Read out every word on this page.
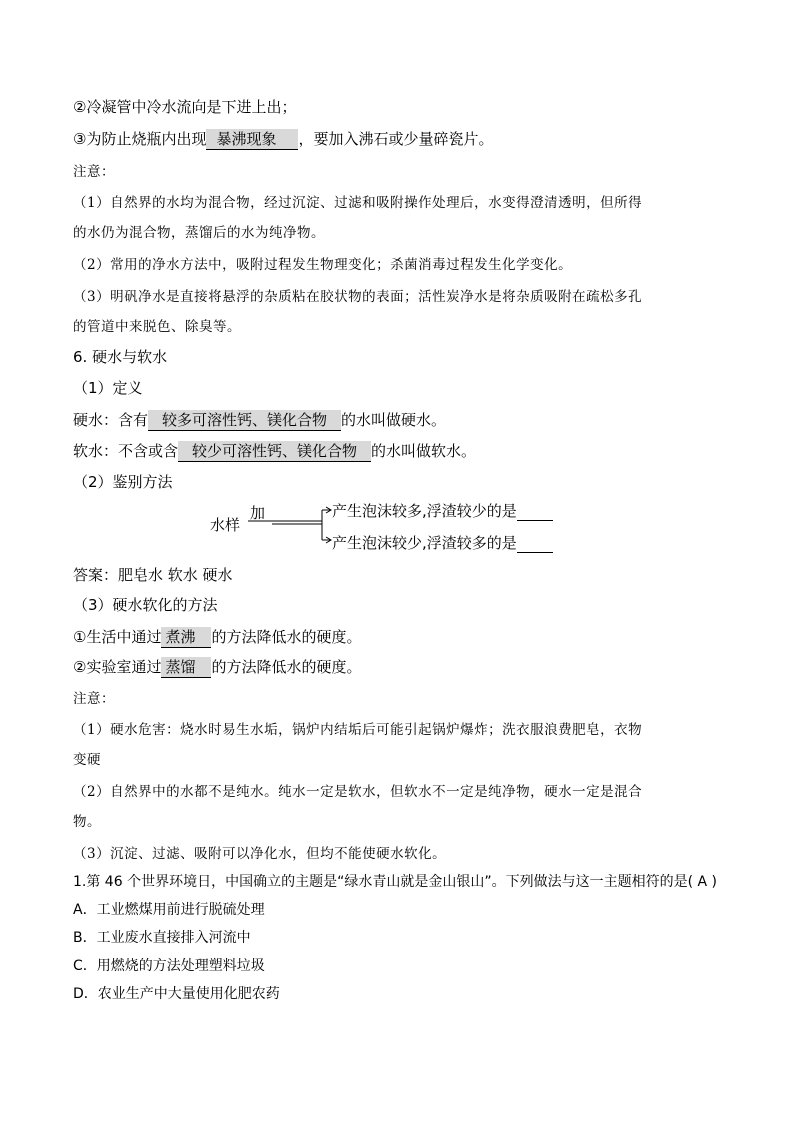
②冷凝管中冷水流向是下进上出；
③为防止烧瓶内出现 暴沸现象 ，要加入沸石或少量碎瓷片。
注意：
（1）自然界的水均为混合物，经过沉淀、过滤和吸附操作处理后，水变得澄清透明，但所得
的水仍为混合物，蒸馏后的水为纯净物。
（2）常用的净水方法中，吸附过程发生物理变化；杀菌消毒过程发生化学变化。
（3）明矾净水是直接将悬浮的杂质粘在胶状物的表面；活性炭净水是将杂质吸附在疏松多孔
的管道中来脱色、除臭等。
6. 硬水与软水
（1）定义
硬水：含有 较多可溶性钙、镁化合物 的水叫做硬水。
软水：不含或含 较少可溶性钙、镁化合物 的水叫做软水。
（2）鉴别方法
水样
加	产生泡沫较多,浮渣较少的是
产生泡沫较少,浮渣较多的是
答案：肥皂水 软水 硬水
（3）硬水软化的方法
①生活中通过 煮沸 的方法降低水的硬度。
②实验室通过 蒸馏 的方法降低水的硬度。
注意：
（1）硬水危害：烧水时易生水垢，锅炉内结垢后可能引起锅炉爆炸；洗衣服浪费肥皂，衣物
变硬
（2）自然界中的水都不是纯水。纯水一定是软水，但软水不一定是纯净物，硬水一定是混合
物。
（3）沉淀、过滤、吸附可以净化水，但均不能使硬水软化。
1.第 46 个世界环境日，中国确立的主题是“绿水青山就是金山银山”。下列做法与这一主题相符的是( A )
A．工业燃煤用前进行脱硫处理
B．工业废水直接排入河流中
C．用燃烧的方法处理塑料垃圾
D．农业生产中大量使用化肥农药
